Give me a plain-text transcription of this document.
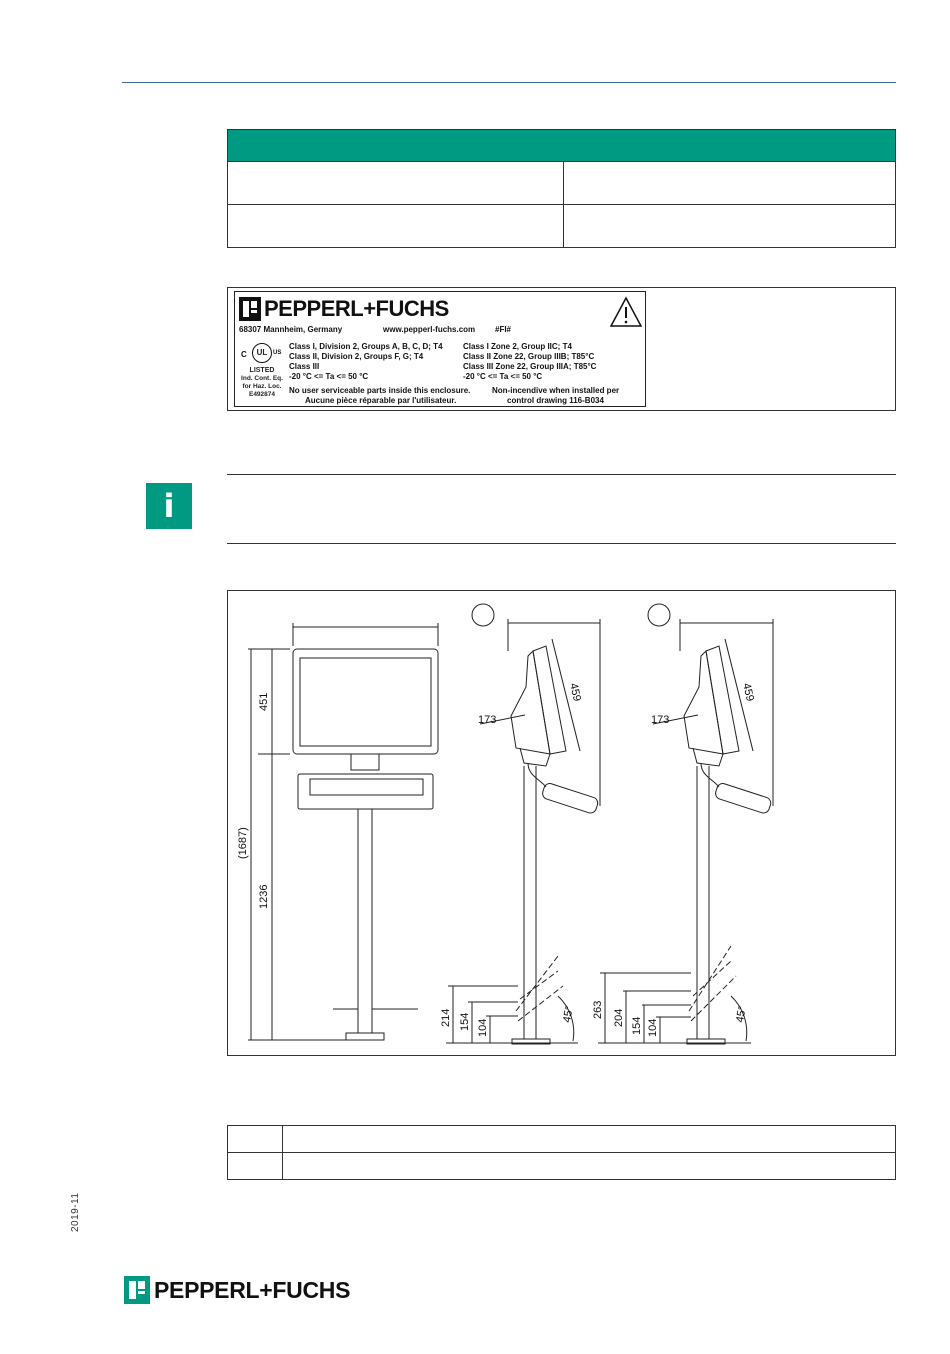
PEPPERL+FUCHS
68307 Mannheim, Germany	www.pepperl-fuchs.com #FI#
C	UL US
LISTED
Ind. Cont. Eq.
for Haz. Loc.
E492874
Class I, Division 2, Groups A, B, C, D; T4
Class II, Division 2, Groups F, G; T4
Class III
-20 °C <= Ta <= 50 °C
Class I Zone 2, Group IIC; T4
Class II Zone 22, Group IIIB; T85°C
Class III Zone 22, Group IIIA; T85°C
-20 °C <= Ta <= 50 °C
No user serviceable parts inside this enclosure.
Aucune pièce réparable par l'utilisateur.
Non-incendive when installed per
control drawing 116-B034
i
451
(1687)
1236
459
173
459
173
214 154 104
45° 263 204 154 104
45°

2019-11
PEPPERL+FUCHS
